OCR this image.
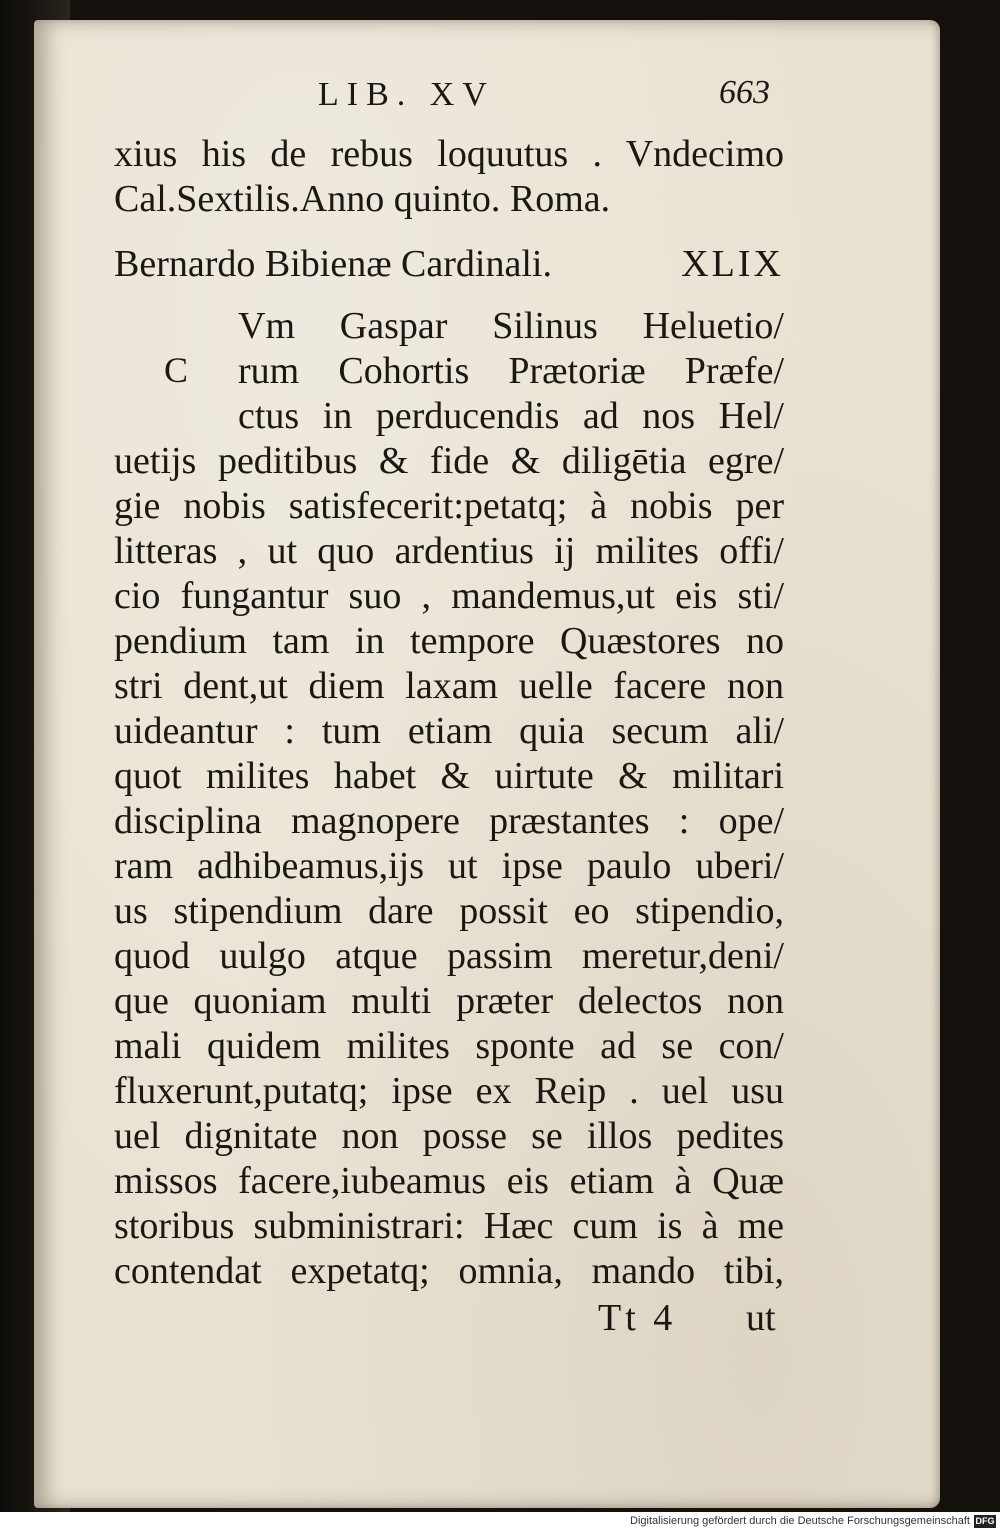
LIB. XV	663
xius his de rebus loquutus . Vndecimo
Cal.Sextilis.Anno quinto. Roma.
Bernardo Bibienæ Cardinali.	XLIX
C
Vm Gaspar Silinus Heluetio/
rum Cohortis Prætoriæ Præfe/
ctus in perducendis ad nos Hel/
uetijs peditibus & fide & diligētia egre/
gie nobis satisfecerit:petatq; à nobis per
litteras , ut quo ardentius ij milites offi/
cio fungantur suo , mandemus,ut eis sti/
pendium tam in tempore Quæstores no
stri dent,ut diem laxam uelle facere non
uideantur : tum etiam quia secum ali/
quot milites habet & uirtute & militari
disciplina magnopere præstantes : ope/
ram adhibeamus,ijs ut ipse paulo uberi/
us stipendium dare possit eo stipendio,
quod uulgo atque passim meretur,deni/
que quoniam multi præter delectos non
mali quidem milites sponte ad se con/
fluxerunt,putatq; ipse ex Reip . uel usu
uel dignitate non posse se illos pedites
missos facere,iubeamus eis etiam à Quæ
storibus subministrari: Hæc cum is à me
contendat expetatq; omnia, mando tibi,
Tt 4 ut
Digitalisierung gefördert durch die Deutsche Forschungsgemeinschaft DFG
